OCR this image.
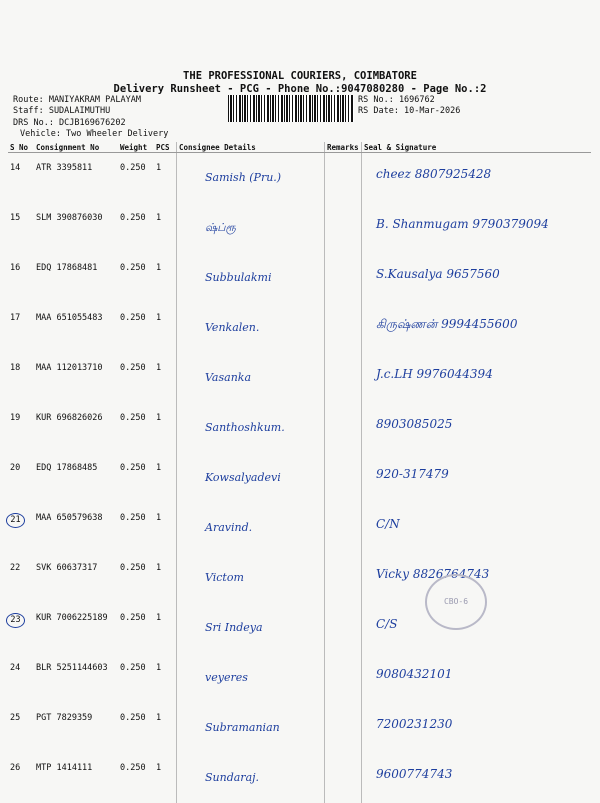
THE PROFESSIONAL COURIERS, COIMBATORE
Delivery Runsheet - PCG - Phone No.:9047080280 - Page No.:2
Route: MANIYAKRAM PALAYAM
Staff: SUDALAIMUTHU
DRS No.: DCJB169676202
Vehicle: Two Wheeler Delivery
RS No.: 1696762
RS Date: 10-Mar-2026
S No	Consignment No	Weight	PCS	Consignee Details	Remarks	Seal & Signature
14	ATR 3395811	0.250	1	Samish (Pru.)		cheez 8807925428
15	SLM 390876030	0.250	1	ஷ்ப்ரூ		B. Shanmugam 9790379094
16	EDQ 17868481	0.250	1	Subbulakmi		S.Kausalya 9657560
17	MAA 651055483	0.250	1	Venkalen.		கிருஷ்ணன் 9994455600
18	MAA 112013710	0.250	1	Vasanka		J.c.LH 9976044394
19	KUR 696826026	0.250	1	Santhoshkum.		8903085025
20	EDQ 17868485	0.250	1	Kowsalyadevi		920-317479
21	MAA 650579638	0.250	1	Aravind.		C/N
22	SVK 60637317	0.250	1	Victom		Vicky 8826764743
23	KUR 7006225189	0.250	1	Sri Indeya		C/S
24	BLR 5251144603	0.250	1	veyeres		9080432101
25	PGT 7829359	0.250	1	Subramanian		7200231230
26	MTP 1414111	0.250	1	Sundaraj.		9600774743
CBO-6
